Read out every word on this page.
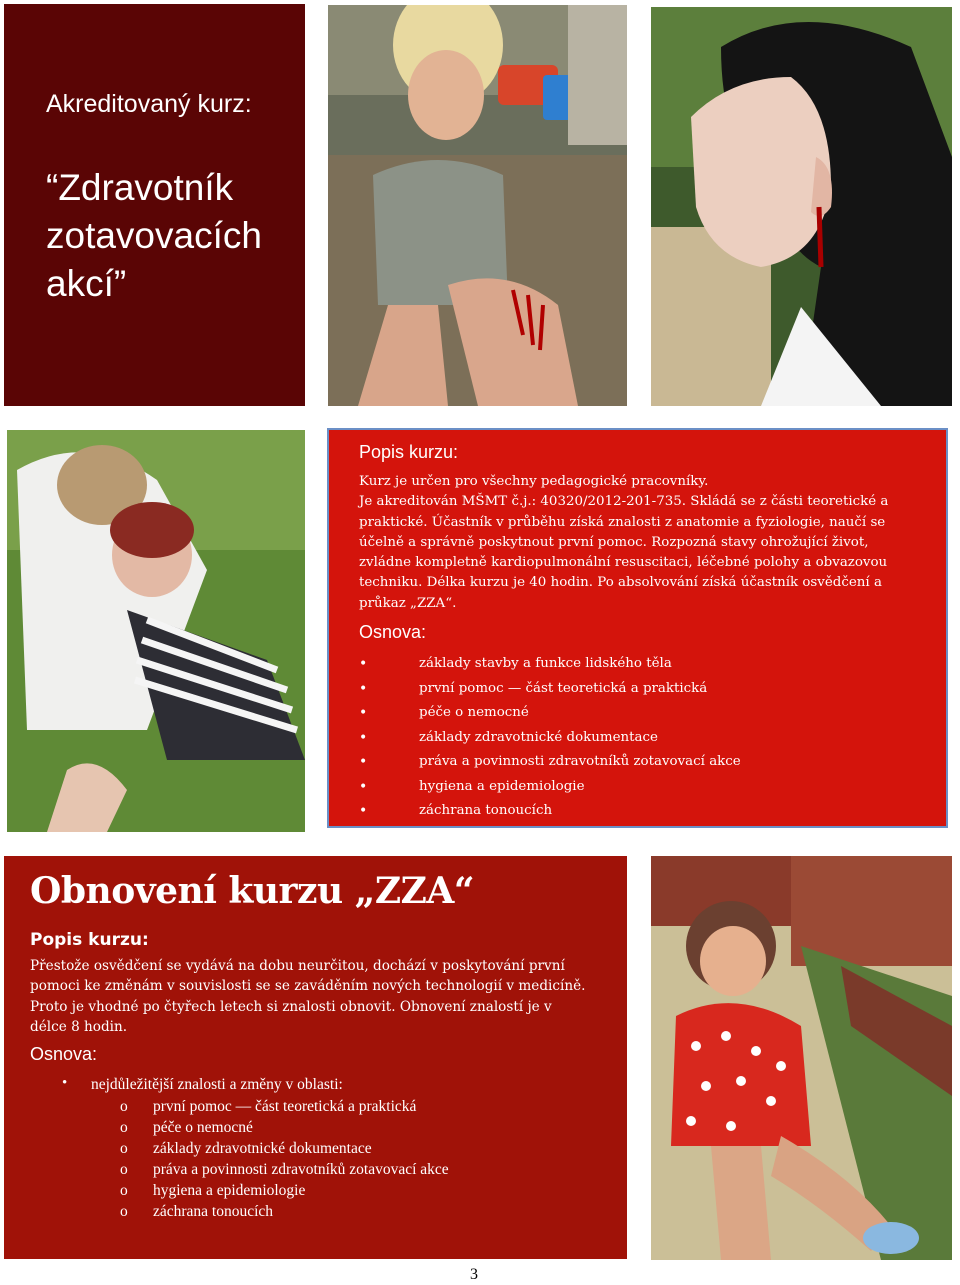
Akreditovaný kurz:
“Zdravotník zotavovacích akcí”
Popis kurzu:
Kurz je určen pro všechny pedagogické pracovníky.
Je akreditován MŠMT č.j.: 40320/2012-201-735. Skládá se z části teoretické a praktické. Účastník v průběhu získá znalosti z anatomie a fyziologie, naučí se účelně a správně poskytnout první pomoc. Rozpozná stavy ohrožující život, zvládne kompletně kardiopulmonální resuscitaci, léčebné polohy a obvazovou techniku. Délka kurzu je 40 hodin. Po absolvování získá účastník osvědčení a průkaz „ZZA“.
Osnova:
• základy stavby a funkce lidského těla
• první pomoc — část teoretická a praktická
• péče o nemocné
• základy zdravotnické dokumentace
• práva a povinnosti zdravotníků zotavovací akce
• hygiena a epidemiologie
• záchrana tonoucích
Obnovení kurzu „ZZA“
Popis kurzu:
Přestože osvědčení se vydává na dobu neurčitou, dochází v poskytování první pomoci ke změnám v souvislosti se se zaváděním nových technologií v medicíně. Proto je vhodné po čtyřech letech si znalosti obnovit. Obnovení znalostí je v délce 8 hodin.
Osnova:
• nejdůležitější znalosti a změny v oblasti:
o první pomoc — část teoretická a praktická
o péče o nemocné
o základy zdravotnické dokumentace
o práva a povinnosti zdravotníků zotavovací akce
o hygiena a epidemiologie
o záchrana tonoucích
3
